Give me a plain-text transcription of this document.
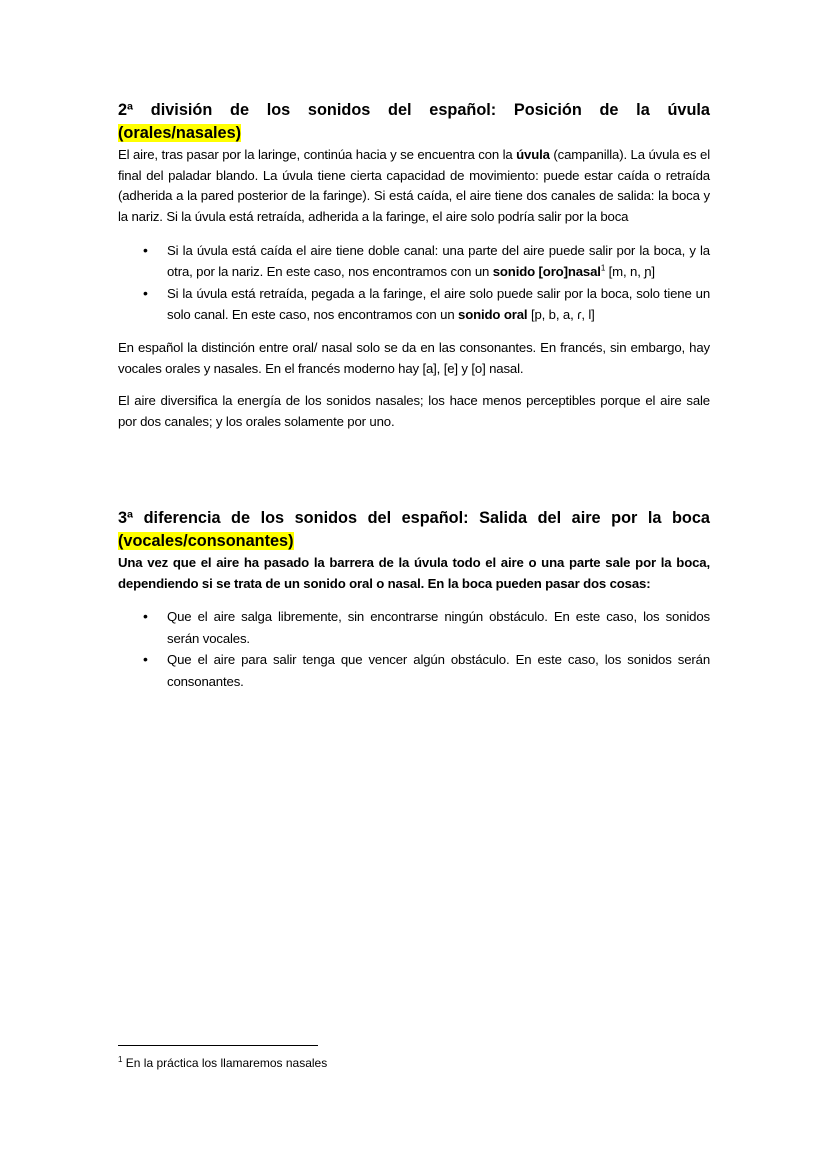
2ª división de los sonidos del español: Posición de la úvula
(orales/nasales)

El aire, tras pasar por la laringe, continúa hacia y se encuentra con la úvula (campanilla). La úvula es el final del paladar blando. La úvula tiene cierta capacidad de movimiento: puede estar caída o retraída (adherida a la pared posterior de la faringe). Si está caída, el aire tiene dos canales de salida: la boca y la nariz. Si la úvula está retraída, adherida a la faringe, el aire solo podría salir por la boca

• Si la úvula está caída el aire tiene doble canal: una parte del aire puede salir por la boca, y la otra, por la nariz. En este caso, nos encontramos con un sonido [oro]nasal$^1$ [m, n, ɲ]
• Si la úvula está retraída, pegada a la faringe, el aire solo puede salir por la boca, solo tiene un solo canal. En este caso, nos encontramos con un sonido oral [p, b, a, ɾ, l]

En español la distinción entre oral/ nasal solo se da en las consonantes. En francés, sin embargo, hay vocales orales y nasales. En el francés moderno hay [a], [e] y [o] nasal.

El aire diversifica la energía de los sonidos nasales; los hace menos perceptibles porque el aire sale por dos canales; y los orales solamente por uno.

3ª diferencia de los sonidos del español: Salida del aire por la boca
(vocales/consonantes)

Una vez que el aire ha pasado la barrera de la úvula todo el aire o una parte sale por la boca, dependiendo si se trata de un sonido oral o nasal. En la boca pueden pasar dos cosas:

• Que el aire salga libremente, sin encontrarse ningún obstáculo. En este caso, los sonidos serán vocales.
• Que el aire para salir tenga que vencer algún obstáculo. En este caso, los sonidos serán consonantes.
$^1$ En la práctica los llamaremos nasales
